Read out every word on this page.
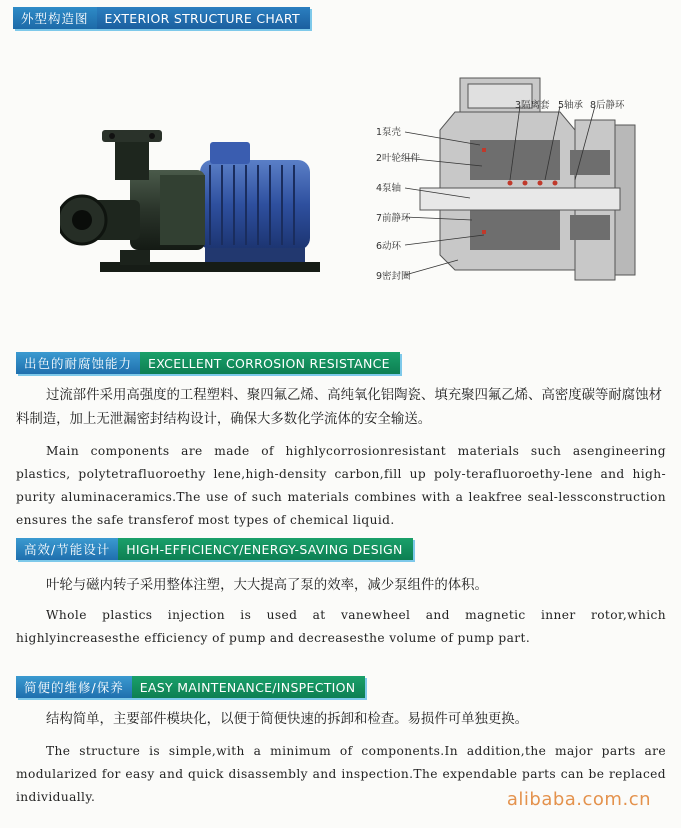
外型构造图	EXTERIOR STRUCTURE CHART
1泵壳
2叶轮组件
4泵轴
7前静环
6动环
9密封圈
3隔离套 5轴承 8后静环
出色的耐腐蚀能力	EXCELLENT CORROSION RESISTANCE

过流部件采用高强度的工程塑料、聚四氟乙烯、高纯氧化铝陶瓷、填充聚四氟乙烯、高密度碳等耐腐蚀材料制造，加上无泄漏密封结构设计，确保大多数化学流体的安全输送。

Main components are made of highlycorrosionresistant materials such asengineering plastics, polytetrafluoroethy lene,high-density carbon,fill up poly-terafluoroethy-lene and high-purity aluminaceramics.The use of such materials combines with a leakfree seal-lessconstruction ensures the safe transferof most types of chemical liquid.

高效/节能设计	HIGH-EFFICIENCY/ENERGY-SAVING DESIGN

叶轮与磁内转子采用整体注塑，大大提高了泵的效率，减少泵组件的体积。

Whole plastics injection is used at vanewheel and magnetic inner rotor,which highlyincreasesthe efficiency of pump and decreasesthe volume of pump part.

简便的维修/保养	EASY MAINTENANCE/INSPECTION

结构简单，主要部件模块化，以便于简便快速的拆卸和检查。易损件可单独更换。

The structure is simple,with a minimum of components.In addition,the major parts are modularized for easy and quick disassembly and inspection.The expendable parts can be replaced individually.	alibaba.com.cn
